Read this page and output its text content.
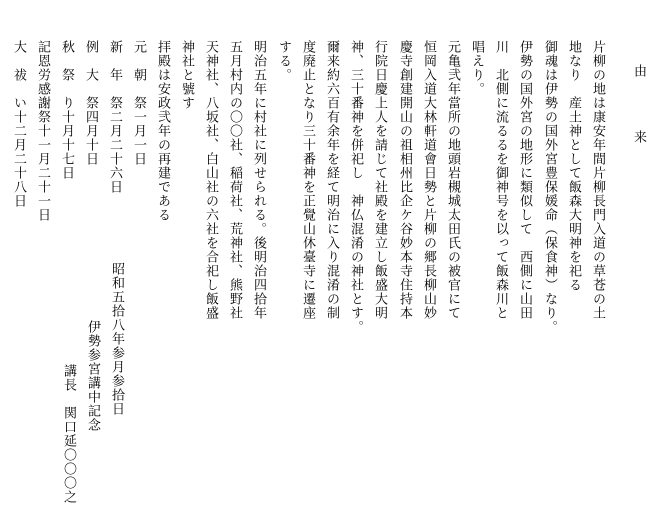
由　来
片柳の地は康安年間片柳長門入道の草苍の土
地なり　産土神として飯森大明神を祀る
御魂は伊勢の国外宮豊保媛命（保食神）なり。
伊勢の国外宮の地形に類似して　西側に山田
川　北側に流るるを御神号を以って飯森川と
唱えり。
元亀弐年當所の地頭岩槻城太田氏の被官にて
恒岡入道大林軒道會日勢と片柳の郷長柳山妙
慶寺創建開山の祖相州比企ケ谷妙本寺住持本
行院日慶上人を請じて社殿を建立し飯盛大明
神、三十番神を併祀し　神仏混淆の神社とす。
爾来約六百有余年を経て明治に入り混淆の制
度廃止となり三十番神を正覺山休臺寺に遷座
する。
明治五年に村社に列せられる。後明治四拾年
五月村内の〇〇社、稲荷社、荒神社、熊野社
天神社、八坂社、白山社の六社を合祀し飯盛
神社と號す
拝殿は安政弐年の再建である
元　朝　祭一月一日
新　年　祭二月二十六日
例　大　祭四月十日
秋　祭　り十月十七日
記恩労感謝祭十一月二十一日
大　祓　い十二月二十八日
昭和五拾八年参月参拾日
伊勢参宮講中記念
講長　関口延〇〇〇之
